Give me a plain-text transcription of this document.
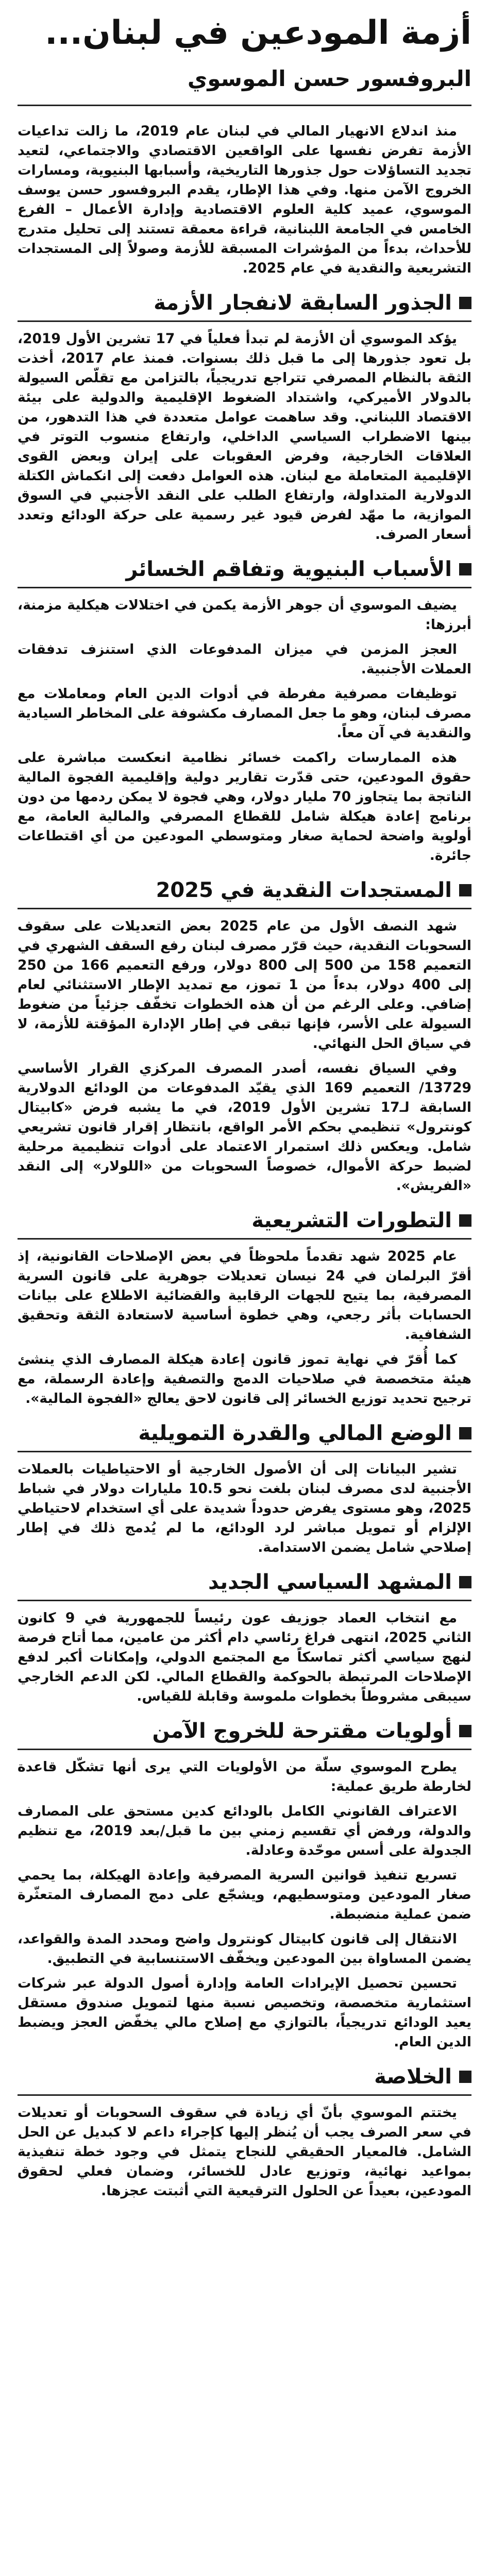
أزمة المودعين في لبنان...
البروفسور حسن الموسوي

منذ اندلاع الانهيار المالي في لبنان عام 2019، ما زالت تداعيات الأزمة تفرض نفسها على الواقعين الاقتصادي والاجتماعي، لتعيد تجديد التساؤلات حول جذورها التاريخية، وأسبابها البنيوية، ومسارات الخروج الآمن منها. وفي هذا الإطار، يقدم البروفسور حسن يوسف الموسوي، عميد كلية العلوم الاقتصادية وإدارة الأعمال – الفرع الخامس في الجامعة اللبنانية، قراءة معمقة تستند إلى تحليل متدرج للأحداث، بدءاً من المؤشرات المسبقة للأزمة وصولاً إلى المستجدات التشريعية والنقدية في عام 2025.

الجذور السابقة لانفجار الأزمة

يؤكد الموسوي أن الأزمة لم تبدأ فعلياً في 17 تشرين الأول 2019، بل تعود جذورها إلى ما قبل ذلك بسنوات. فمنذ عام 2017، أخذت الثقة بالنظام المصرفي تتراجع تدريجياً، بالتزامن مع تقلّص السيولة بالدولار الأميركي، واشتداد الضغوط الإقليمية والدولية على بيئة الاقتصاد اللبناني. وقد ساهمت عوامل متعددة في هذا التدهور، من بينها الاضطراب السياسي الداخلي، وارتفاع منسوب التوتر في العلاقات الخارجية، وفرض العقوبات على إيران وبعض القوى الإقليمية المتعاملة مع لبنان. هذه العوامل دفعت إلى انكماش الكتلة الدولارية المتداولة، وارتفاع الطلب على النقد الأجنبي في السوق الموازية، ما مهّد لفرض قيود غير رسمية على حركة الودائع وتعدد أسعار الصرف.

الأسباب البنيوية وتفاقم الخسائر

يضيف الموسوي أن جوهر الأزمة يكمن في اختلالات هيكلية مزمنة، أبرزها:

العجز المزمن في ميزان المدفوعات الذي استنزف تدفقات العملات الأجنبية.

توظيفات مصرفية مفرطة في أدوات الدين العام ومعاملات مع مصرف لبنان، وهو ما جعل المصارف مكشوفة على المخاطر السيادية والنقدية في آن معاً.

هذه الممارسات راكمت خسائر نظامية انعكست مباشرة على حقوق المودعين، حتى قدّرت تقارير دولية وإقليمية الفجوة المالية الناتجة بما يتجاوز 70 مليار دولار، وهي فجوة لا يمكن ردمها من دون برنامج إعادة هيكلة شامل للقطاع المصرفي والمالية العامة، مع أولوية واضحة لحماية صغار ومتوسطي المودعين من أي اقتطاعات جائرة.

المستجدات النقدية في 2025

شهد النصف الأول من عام 2025 بعض التعديلات على سقوف السحوبات النقدية، حيث قرّر مصرف لبنان رفع السقف الشهري في التعميم 158 من 500 إلى 800 دولار، ورفع التعميم 166 من 250 إلى 400 دولار، بدءاً من 1 تموز، مع تمديد الإطار الاستثنائي لعام إضافي. وعلى الرغم من أن هذه الخطوات تخفّف جزئياً من ضغوط السيولة على الأسر، فإنها تبقى في إطار الإدارة المؤقتة للأزمة، لا في سياق الحل النهائي.

وفي السياق نفسه، أصدر المصرف المركزي القرار الأساسي 13729/ التعميم 169 الذي يقيّد المدفوعات من الودائع الدولارية السابقة لـ17 تشرين الأول 2019، في ما يشبه فرض «كابيتال كونترول» تنظيمي بحكم الأمر الواقع، بانتظار إقرار قانون تشريعي شامل. ويعكس ذلك استمرار الاعتماد على أدوات تنظيمية مرحلية لضبط حركة الأموال، خصوصاً السحوبات من «اللولار» إلى النقد «الفريش».

التطورات التشريعية

عام 2025 شهد تقدماً ملحوظاً في بعض الإصلاحات القانونية، إذ أقرّ البرلمان في 24 نيسان تعديلات جوهرية على قانون السرية المصرفية، بما يتيح للجهات الرقابية والقضائية الاطلاع على بيانات الحسابات بأثر رجعي، وهي خطوة أساسية لاستعادة الثقة وتحقيق الشفافية.

كما أُقرّ في نهاية تموز قانون إعادة هيكلة المصارف الذي ينشئ هيئة متخصصة في صلاحيات الدمج والتصفية وإعادة الرسملة، مع ترجيح تحديد توزيع الخسائر إلى قانون لاحق يعالج «الفجوة المالية».

الوضع المالي والقدرة التمويلية

تشير البيانات إلى أن الأصول الخارجية أو الاحتياطيات بالعملات الأجنبية لدى مصرف لبنان بلغت نحو 10.5 مليارات دولار في شباط 2025، وهو مستوى يفرض حدوداً شديدة على أي استخدام لاحتياطي الإلزام أو تمويل مباشر لرد الودائع، ما لم يُدمج ذلك في إطار إصلاحي شامل يضمن الاستدامة.

المشهد السياسي الجديد

مع انتخاب العماد جوزيف عون رئيساً للجمهورية في 9 كانون الثاني 2025، انتهى فراغ رئاسي دام أكثر من عامين، مما أتاح فرصة لنهج سياسي أكثر تماسكاً مع المجتمع الدولي، وإمكانات أكبر لدفع الإصلاحات المرتبطة بالحوكمة والقطاع المالي. لكن الدعم الخارجي سيبقى مشروطاً بخطوات ملموسة وقابلة للقياس.

أولويات مقترحة للخروج الآمن

يطرح الموسوي سلّة من الأولويات التي يرى أنها تشكّل قاعدة لخارطة طريق عملية:

الاعتراف القانوني الكامل بالودائع كدين مستحق على المصارف والدولة، ورفض أي تقسيم زمني بين ما قبل/بعد 2019، مع تنظيم الجدولة على أسس موحّدة وعادلة.

تسريع تنفيذ قوانين السرية المصرفية وإعادة الهيكلة، بما يحمي صغار المودعين ومتوسطيهم، ويشجّع على دمج المصارف المتعثّرة ضمن عملية منضبطة.

الانتقال إلى قانون كابيتال كونترول واضح ومحدد المدة والقواعد، يضمن المساواة بين المودعين ويخفّف الاستنسابية في التطبيق.

تحسين تحصيل الإيرادات العامة وإدارة أصول الدولة عبر شركات استثمارية متخصصة، وتخصيص نسبة منها لتمويل صندوق مستقل يعيد الودائع تدريجياً، بالتوازي مع إصلاح مالي يخفّض العجز ويضبط الدين العام.

الخلاصة

يختتم الموسوي بأنّ أي زيادة في سقوف السحوبات أو تعديلات في سعر الصرف يجب أن يُنظر إليها كإجراء داعم لا كبديل عن الحل الشامل. فالمعيار الحقيقي للنجاح يتمثل في وجود خطة تنفيذية بمواعيد نهائية، وتوزيع عادل للخسائر، وضمان فعلي لحقوق المودعين، بعيداً عن الحلول الترقيعية التي أثبتت عجزها.
